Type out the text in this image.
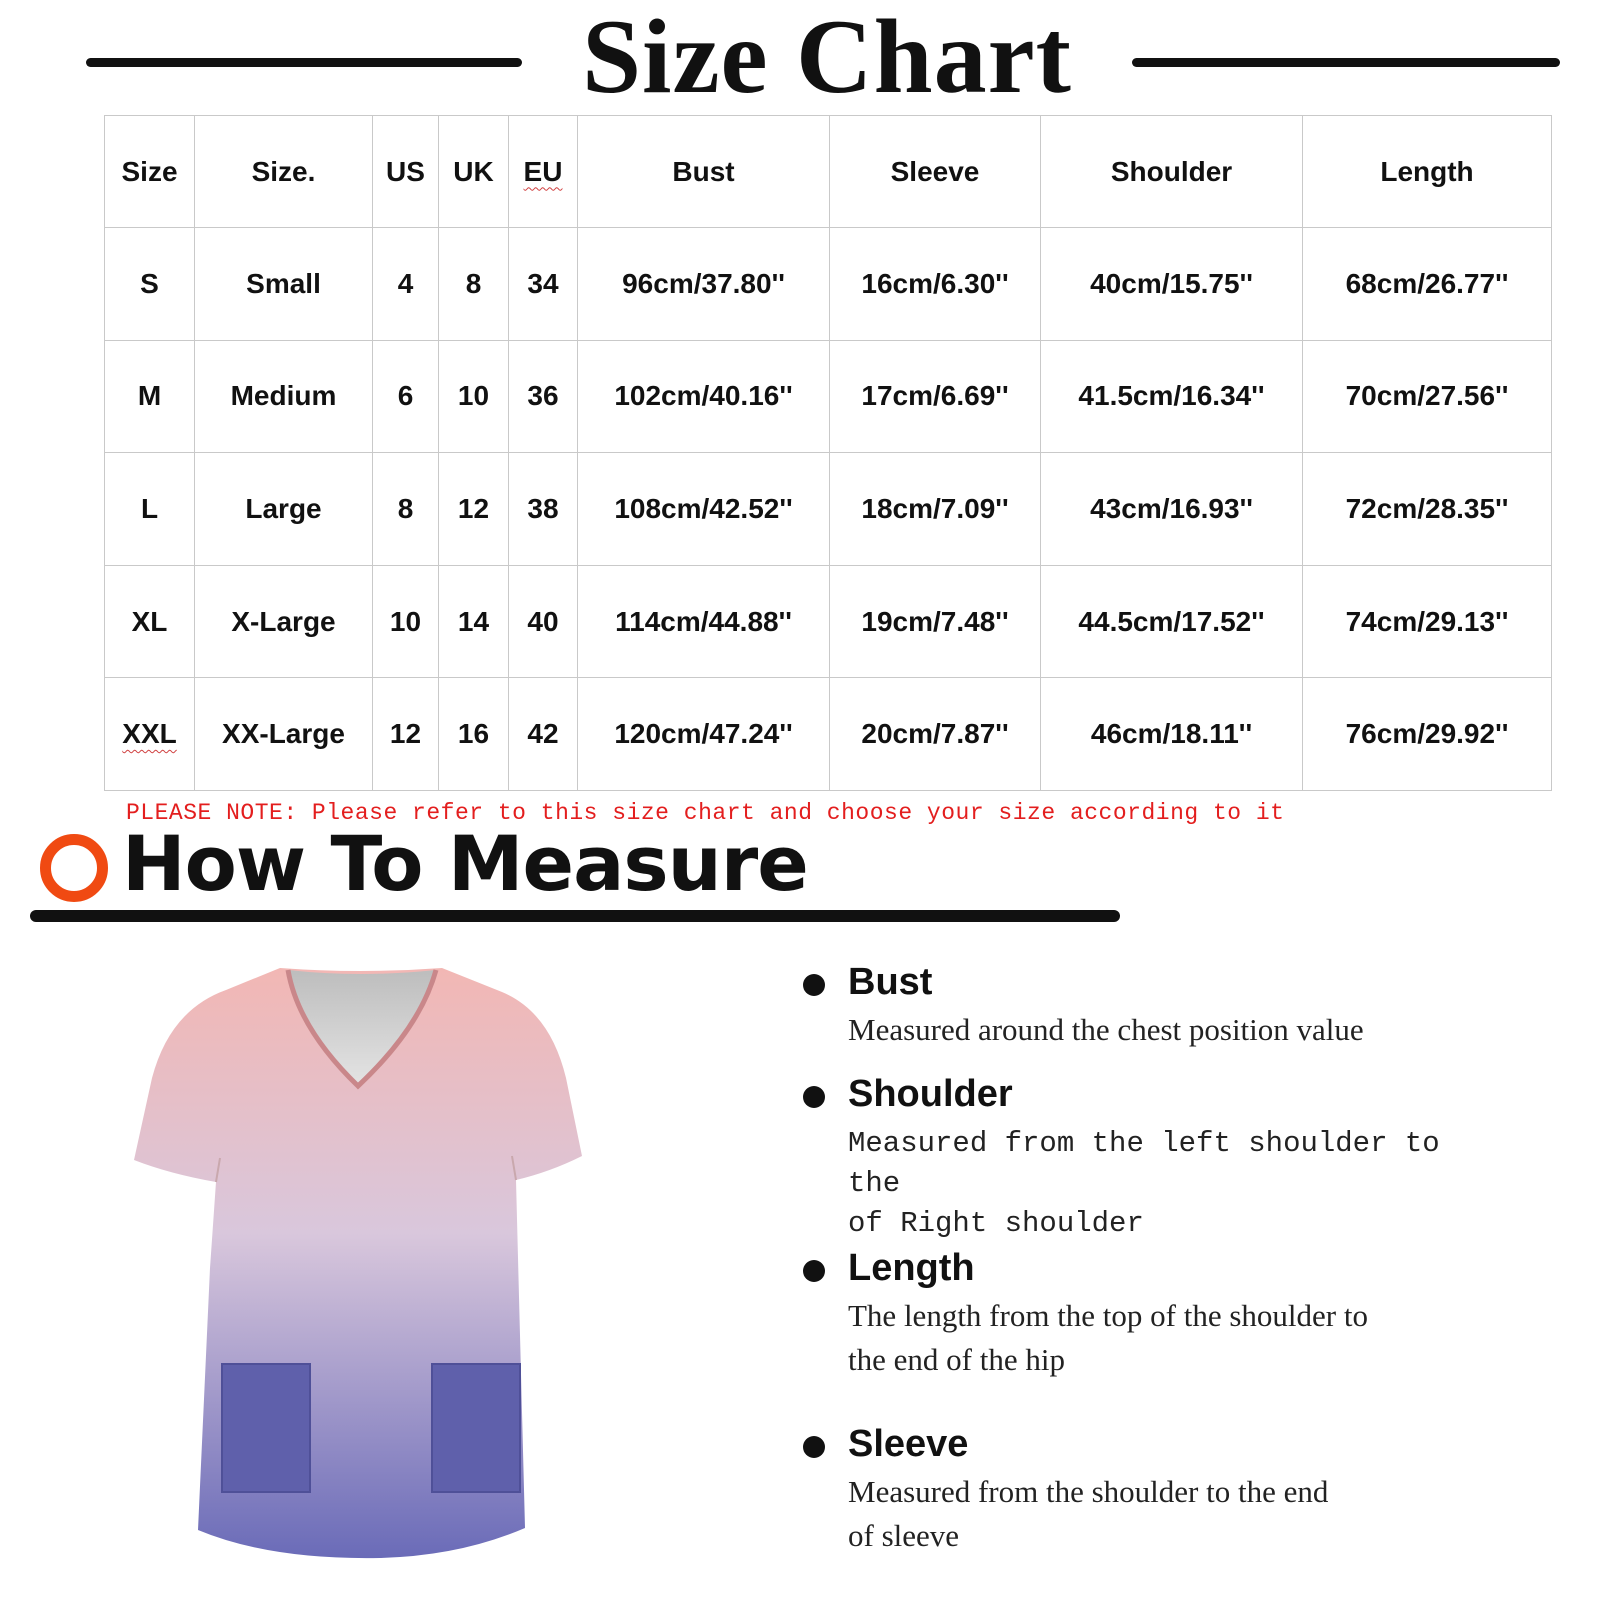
Size Chart
Size	Size.	US	UK	EU	Bust	Sleeve	Shoulder	Length
S	Small	4	8	34	96cm/37.80''	16cm/6.30''	40cm/15.75''	68cm/26.77''
M	Medium	6	10	36	102cm/40.16''	17cm/6.69''	41.5cm/16.34''	70cm/27.56''
L	Large	8	12	38	108cm/42.52''	18cm/7.09''	43cm/16.93''	72cm/28.35''
XL	X-Large	10	14	40	114cm/44.88''	19cm/7.48''	44.5cm/17.52''	74cm/29.13''
XXL	XX-Large	12	16	42	120cm/47.24''	20cm/7.87''	46cm/18.11''	76cm/29.92''
PLEASE NOTE: Please refer to this size chart and choose your size according to it
How To Measure
Bust
Measured around the chest position value
Shoulder
Measured from the left shoulder to the
of Right shoulder
Length
The length from the top of the shoulder to
the end of the hip
Sleeve
Measured from the shoulder to the end
of sleeve
